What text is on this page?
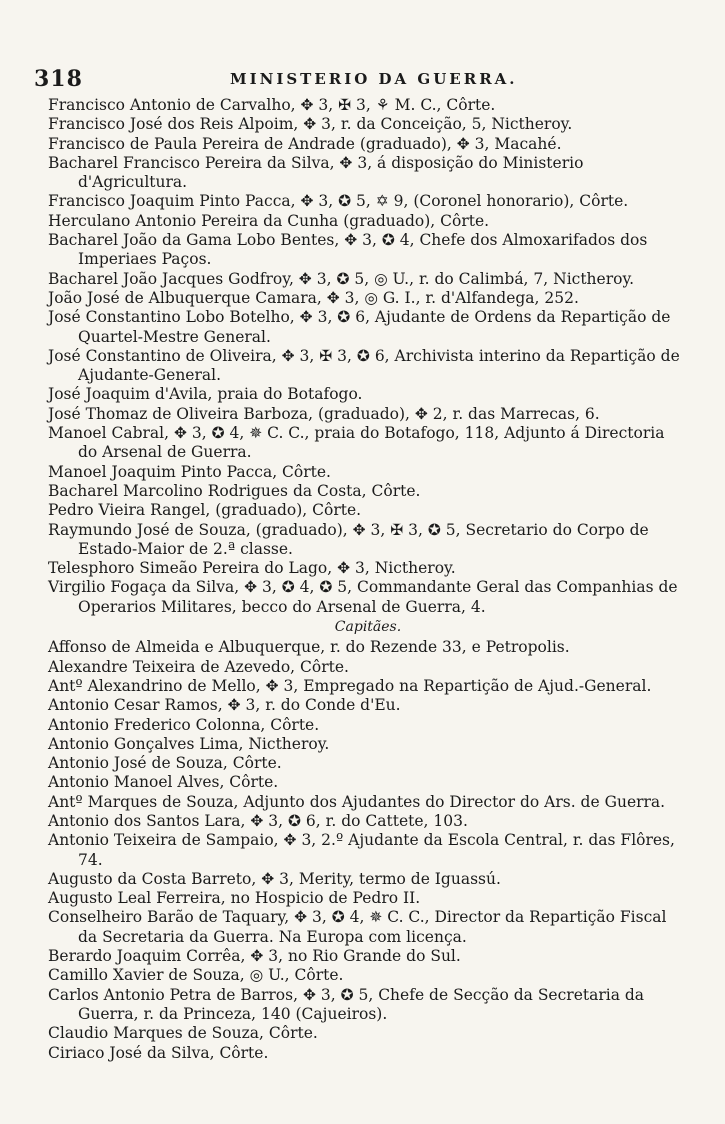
318	MINISTERIO DA GUERRA.
Francisco Antonio de Carvalho, ✥ 3, ✠ 3, ⚘ M. C., Côrte.
Francisco José dos Reis Alpoim, ✥ 3, r. da Conceição, 5, Nictheroy.
Francisco de Paula Pereira de Andrade (graduado), ✥ 3, Macahé.
Bacharel Francisco Pereira da Silva, ✥ 3, á disposição do Ministerio d'Agricultura.
Francisco Joaquim Pinto Pacca, ✥ 3, ✪ 5, ✡ 9, (Coronel honorario), Côrte.
Herculano Antonio Pereira da Cunha (graduado), Côrte.
Bacharel João da Gama Lobo Bentes, ✥ 3, ✪ 4, Chefe dos Almoxarifados dos Imperiaes Paços.
Bacharel João Jacques Godfroy, ✥ 3, ✪ 5, ◎ U., r. do Calimbá, 7, Nictheroy.
João José de Albuquerque Camara, ✥ 3, ◎ G. I., r. d'Alfandega, 252.
José Constantino Lobo Botelho, ✥ 3, ✪ 6, Ajudante de Ordens da Repartição de Quartel-Mestre General.
José Constantino de Oliveira, ✥ 3, ✠ 3, ✪ 6, Archivista interino da Repartição de Ajudante-General.
José Joaquim d'Avila, praia do Botafogo.
José Thomaz de Oliveira Barboza, (graduado), ✥ 2, r. das Marrecas, 6.
Manoel Cabral, ✥ 3, ✪ 4, ✵ C. C., praia do Botafogo, 118, Adjunto á Directoria do Arsenal de Guerra.
Manoel Joaquim Pinto Pacca, Côrte.
Bacharel Marcolino Rodrigues da Costa, Côrte.
Pedro Vieira Rangel, (graduado), Côrte.
Raymundo José de Souza, (graduado), ✥ 3, ✠ 3, ✪ 5, Secretario do Corpo de Estado-Maior de 2.ª classe.
Telesphoro Simeão Pereira do Lago, ✥ 3, Nictheroy.
Virgilio Fogaça da Silva, ✥ 3, ✪ 4, ✪ 5, Commandante Geral das Companhias de Operarios Militares, becco do Arsenal de Guerra, 4.
Capitães.
Affonso de Almeida e Albuquerque, r. do Rezende 33, e Petropolis.
Alexandre Teixeira de Azevedo, Côrte.
Antº Alexandrino de Mello, ✥ 3, Empregado na Repartição de Ajud.-General.
Antonio Cesar Ramos, ✥ 3, r. do Conde d'Eu.
Antonio Frederico Colonna, Côrte.
Antonio Gonçalves Lima, Nictheroy.
Antonio José de Souza, Côrte.
Antonio Manoel Alves, Côrte.
Antº Marques de Souza, Adjunto dos Ajudantes do Director do Ars. de Guerra.
Antonio dos Santos Lara, ✥ 3, ✪ 6, r. do Cattete, 103.
Antonio Teixeira de Sampaio, ✥ 3, 2.º Ajudante da Escola Central, r. das Flôres, 74.
Augusto da Costa Barreto, ✥ 3, Merity, termo de Iguassú.
Augusto Leal Ferreira, no Hospicio de Pedro II.
Conselheiro Barão de Taquary, ✥ 3, ✪ 4, ✵ C. C., Director da Repartição Fiscal da Secretaria da Guerra. Na Europa com licença.
Berardo Joaquim Corrêa, ✥ 3, no Rio Grande do Sul.
Camillo Xavier de Souza, ◎ U., Côrte.
Carlos Antonio Petra de Barros, ✥ 3, ✪ 5, Chefe de Secção da Secretaria da Guerra, r. da Princeza, 140 (Cajueiros).
Claudio Marques de Souza, Côrte.
Ciriaco José da Silva, Côrte.
